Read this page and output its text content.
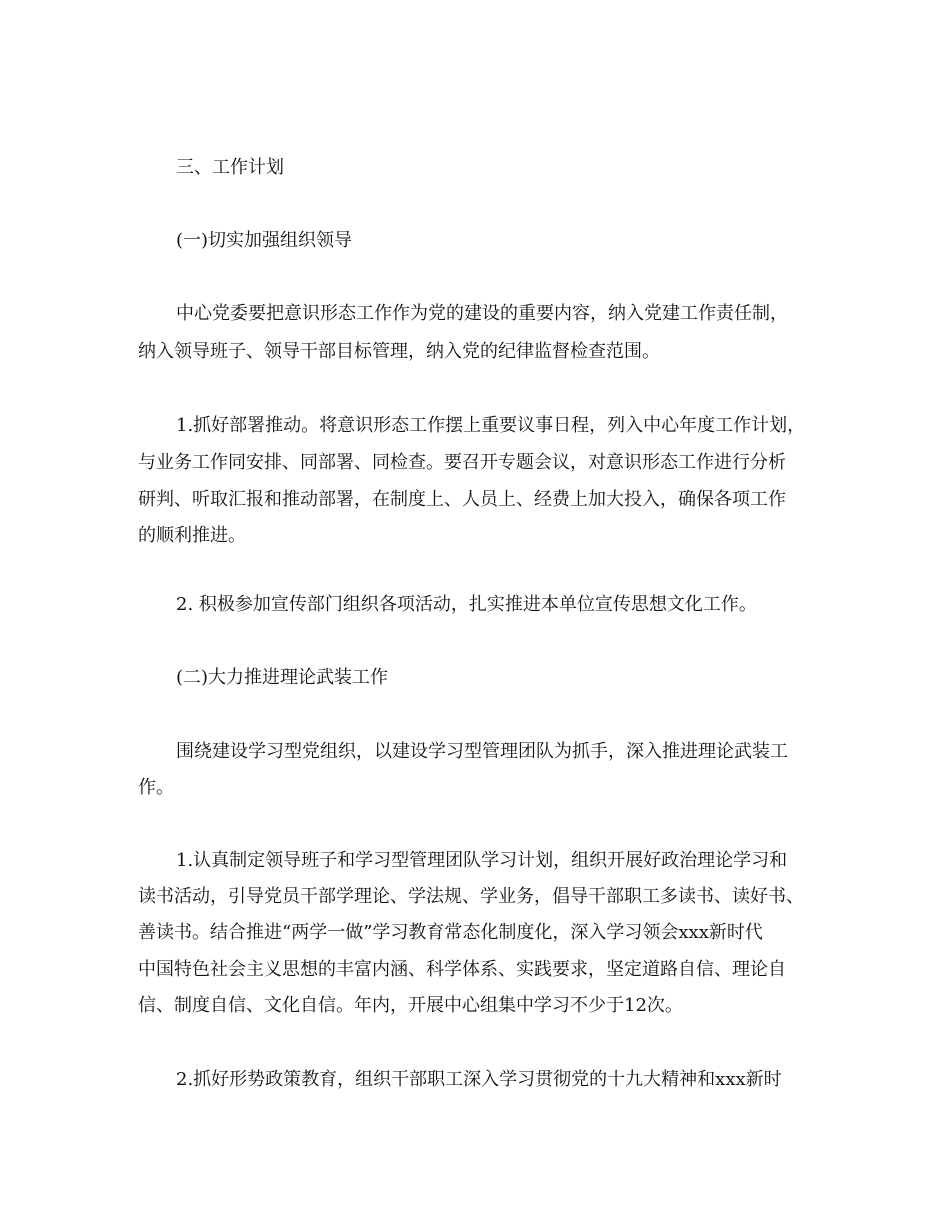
三、工作计划
(一)切实加强组织领导
中心党委要把意识形态工作作为党的建设的重要内容，纳入党建工作责任制，
纳入领导班子、领导干部目标管理，纳入党的纪律监督检查范围。
1.抓好部署推动。将意识形态工作摆上重要议事日程，列入中心年度工作计划，
与业务工作同安排、同部署、同检查。要召开专题会议，对意识形态工作进行分析
研判、听取汇报和推动部署，在制度上、人员上、经费上加大投入，确保各项工作
的顺利推进。
2. 积极参加宣传部门组织各项活动，扎实推进本单位宣传思想文化工作。
(二)大力推进理论武装工作
围绕建设学习型党组织，以建设学习型管理团队为抓手，深入推进理论武装工
作。
1.认真制定领导班子和学习型管理团队学习计划，组织开展好政治理论学习和
读书活动，引导党员干部学理论、学法规、学业务，倡导干部职工多读书、读好书、
善读书。结合推进“两学一做”学习教育常态化制度化，深入学习领会xxx新时代
中国特色社会主义思想的丰富内涵、科学体系、实践要求，坚定道路自信、理论自
信、制度自信、文化自信。年内，开展中心组集中学习不少于12次。
2.抓好形势政策教育，组织干部职工深入学习贯彻党的十九大精神和xxx新时
